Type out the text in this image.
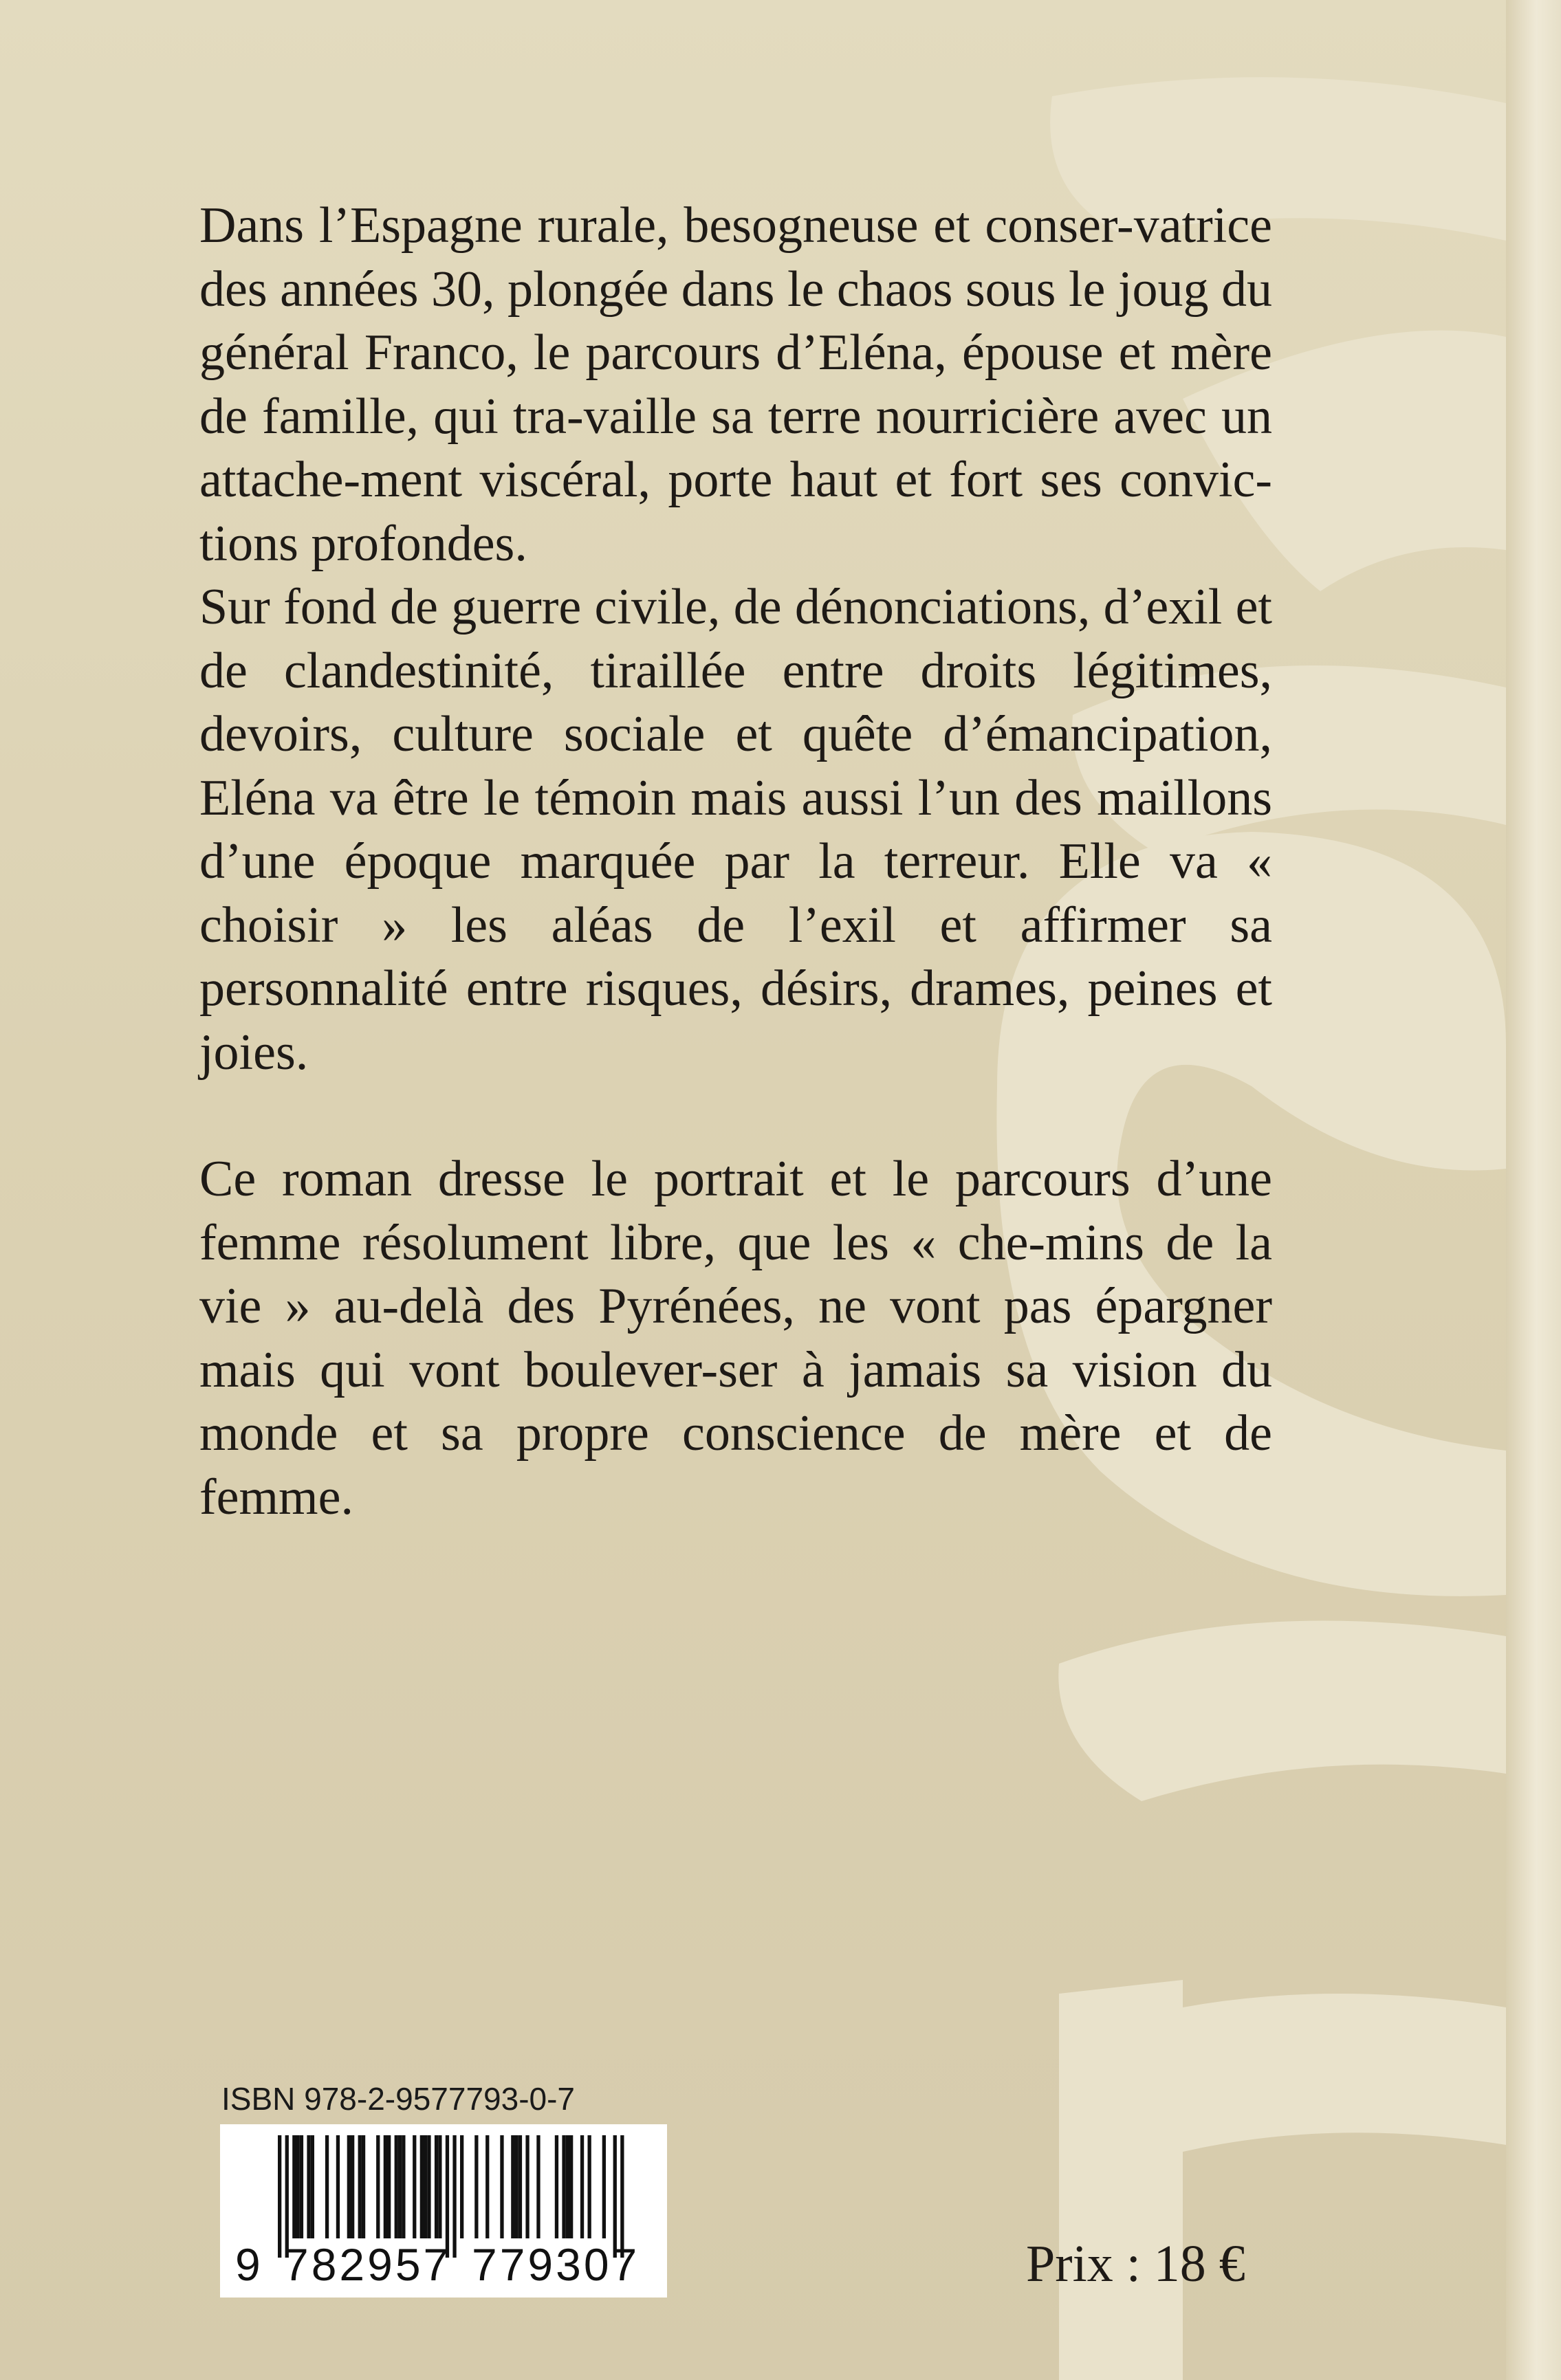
Dans l’Espagne rurale, besogneuse et conser-vatrice des années 30, plongée dans le chaos sous le joug du général Franco, le parcours d’Eléna, épouse et mère de famille, qui tra-vaille sa terre nourricière avec un attache-ment viscéral, porte haut et fort ses convic-tions profondes.

Sur fond de guerre civile, de dénonciations, d’exil et de clandestinité, tiraillée entre droits légitimes, devoirs, culture sociale et quête d’émancipation, Eléna va être le témoin mais aussi l’un des maillons d’une époque marquée par la terreur. Elle va « choisir » les aléas de l’exil et affirmer sa personnalité entre risques, désirs, drames, peines et joies.

Ce roman dresse le portrait et le parcours d’une femme résolument libre, que les « che-mins de la vie » au-delà des Pyrénées, ne vont pas épargner mais qui vont boulever-ser à jamais sa vision du monde et sa propre conscience de mère et de femme.

ISBN 978-2-9577793-0-7
9 782957 779307	Prix : 18 €
